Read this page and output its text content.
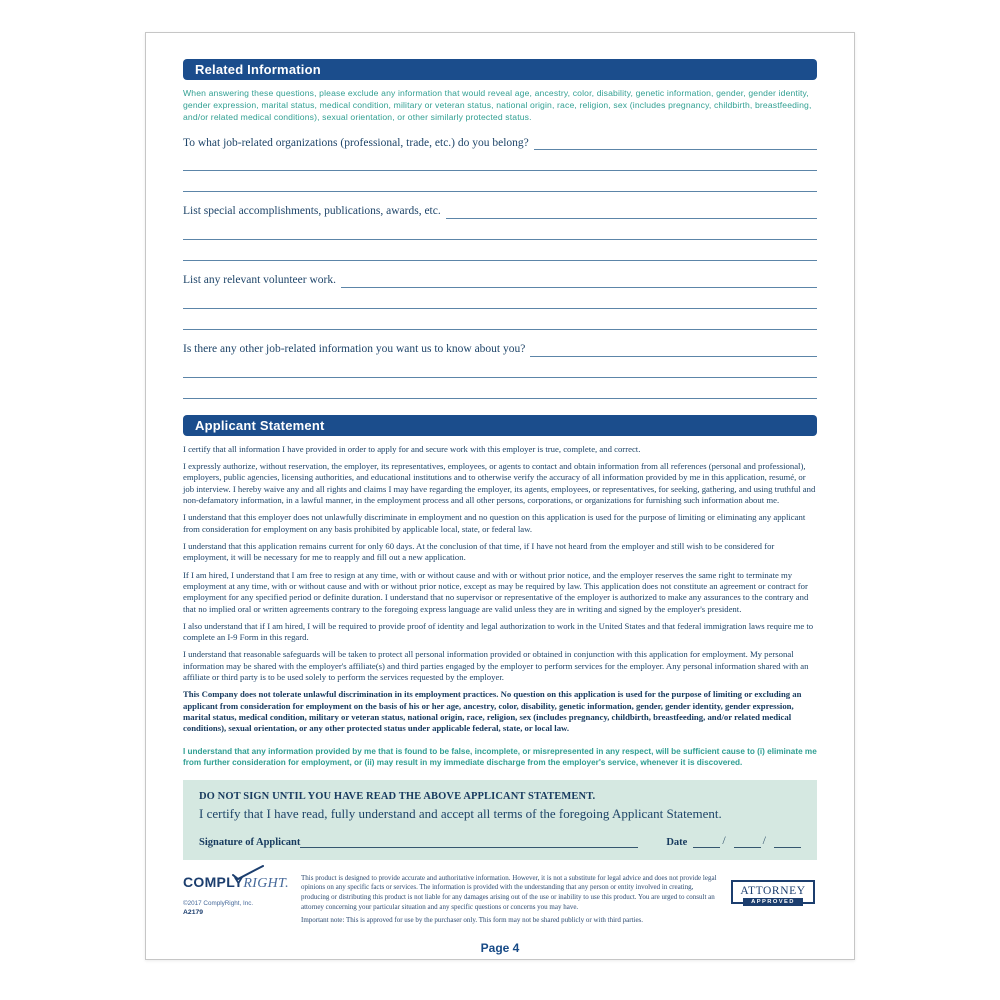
Related Information
When answering these questions, please exclude any information that would reveal age, ancestry, color, disability, genetic information, gender, gender identity, gender expression, marital status, medical condition, military or veteran status, national origin, race, religion, sex (includes pregnancy, childbirth, breastfeeding, and/or related medical conditions), sexual orientation, or other similarly protected status.
To what job-related organizations (professional, trade, etc.) do you belong?
List special accomplishments, publications, awards, etc.
List any relevant volunteer work.
Is there any other job-related information you want us to know about you?
Applicant Statement

I certify that all information I have provided in order to apply for and secure work with this employer is true, complete, and correct.

I expressly authorize, without reservation, the employer, its representatives, employees, or agents to contact and obtain information from all references (personal and professional), employers, public agencies, licensing authorities, and educational institutions and to otherwise verify the accuracy of all information provided by me in this application, resumé, or job interview. I hereby waive any and all rights and claims I may have regarding the employer, its agents, employees, or representatives, for seeking, gathering, and using truthful and non-defamatory information, in a lawful manner, in the employment process and all other persons, corporations, or organizations for furnishing such information about me.

I understand that this employer does not unlawfully discriminate in employment and no question on this application is used for the purpose of limiting or eliminating any applicant from consideration for employment on any basis prohibited by applicable local, state, or federal law.

I understand that this application remains current for only 60 days. At the conclusion of that time, if I have not heard from the employer and still wish to be considered for employment, it will be necessary for me to reapply and fill out a new application.

If I am hired, I understand that I am free to resign at any time, with or without cause and with or without prior notice, and the employer reserves the same right to terminate my employment at any time, with or without cause and with or without prior notice, except as may be required by law. This application does not constitute an agreement or contract for employment for any specified period or definite duration. I understand that no supervisor or representative of the employer is authorized to make any assurances to the contrary and that no implied oral or written agreements contrary to the foregoing express language are valid unless they are in writing and signed by the employer's president.

I also understand that if I am hired, I will be required to provide proof of identity and legal authorization to work in the United States and that federal immigration laws require me to complete an I-9 Form in this regard.

I understand that reasonable safeguards will be taken to protect all personal information provided or obtained in conjunction with this application for employment. My personal information may be shared with the employer's affiliate(s) and third parties engaged by the employer to perform services for the employer. Any personal information shared with an affiliate or third party is to be used solely to perform the services requested by the employer.

This Company does not tolerate unlawful discrimination in its employment practices. No question on this application is used for the purpose of limiting or excluding an applicant from consideration for employment on the basis of his or her age, ancestry, color, disability, genetic information, gender, gender identity, gender expression, marital status, medical condition, military or veteran status, national origin, race, religion, sex (includes pregnancy, childbirth, breastfeeding, and/or related medical conditions), sexual orientation, or any other protected status under applicable federal, state, or local law.

I understand that any information provided by me that is found to be false, incomplete, or misrepresented in any respect, will be sufficient cause to (i) eliminate me from further consideration for employment, or (ii) may result in my immediate discharge from the employer's service, whenever it is discovered.

DO NOT SIGN UNTIL YOU HAVE READ THE ABOVE APPLICANT STATEMENT.
I certify that I have read, fully understand and accept all terms of the foregoing Applicant Statement.
Signature of Applicant	Date	/	/
COMPLYRIGHT.
©2017 ComplyRight, Inc.
A2179

This product is designed to provide accurate and authoritative information. However, it is not a substitute for legal advice and does not provide legal opinions on any specific facts or services. The information is provided with the understanding that any person or entity involved in creating, producing or distributing this product is not liable for any damages arising out of the use or inability to use this product. You are urged to consult an attorney concerning your particular situation and any specific questions or concerns you may have.

Important note: This is approved for use by the purchaser only. This form may not be shared publicly or with third parties.

ATTORNEY
APPROVED
Page 4
